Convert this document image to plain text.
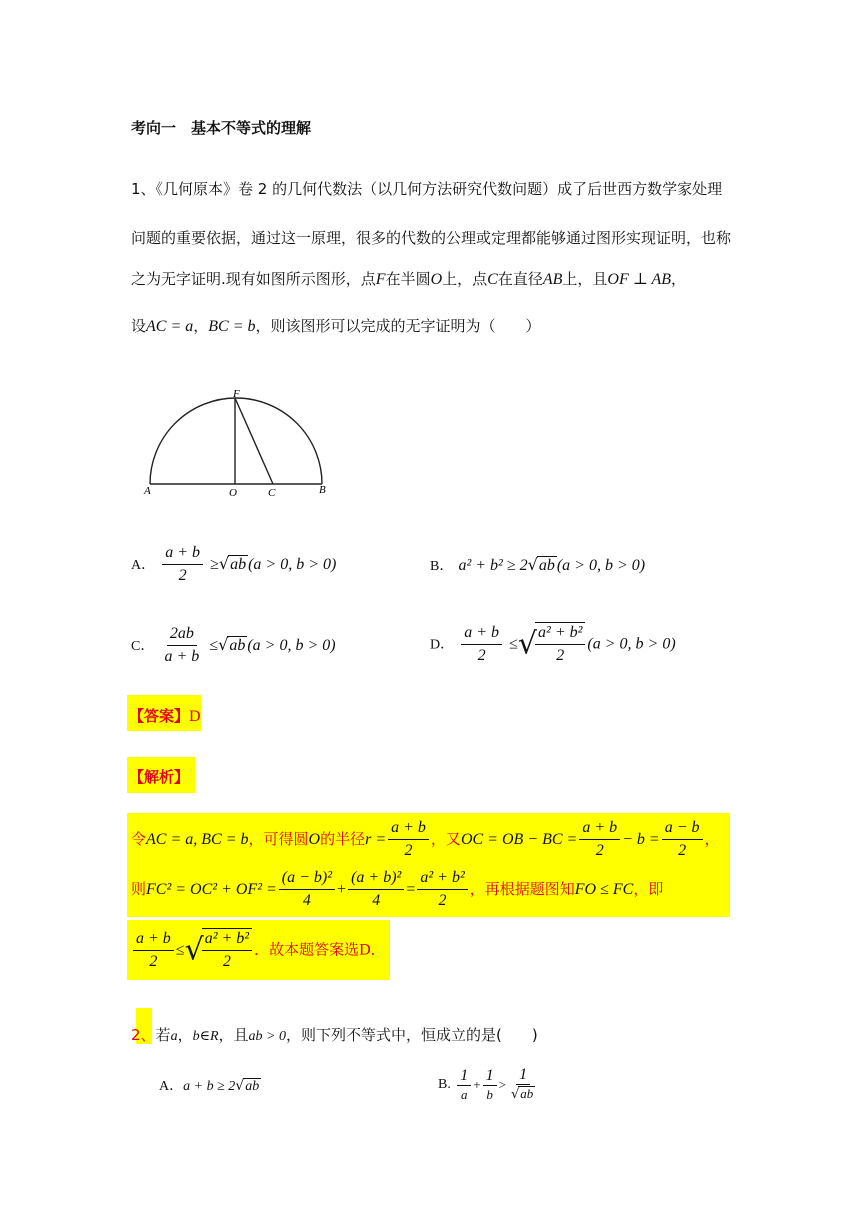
考向一　基本不等式的理解
1、《几何原本》卷 2 的几何代数法（以几何方法研究代数问题）成了后世西方数学家处理
问题的重要依据，通过这一原理，很多的代数的公理或定理都能够通过图形实现证明，也称
之为无字证明.现有如图所示图形，点F在半圆O上，点C在直径AB上，且OF ⊥ AB，
设AC = a，BC = b，则该图形可以完成的无字证明为（　　）
F
A	O	C	B
A． $\frac{a + b}{2} \ge√ab$ (a > 0, b > 0)	B． a² + b² ≥ 2√ab (a > 0, b > 0)
C． $\frac{2ab}{a + b} \le√ab$ (a > 0, b > 0)	D． $\frac{a + b}{2}$ ≤√
$\frac{\text{a² + b²}}{2} (a > 0$, b > 0)
【答案】D
【解析】
令AC = a, BC = b，可得圆O的半径$r = \frac{a + b}{2}$ ，又OC = OB − BC = $\frac{a + b}{2} - b = \frac{a - b}{2}$ ，
则$FC^2 = OC^2 + OF^2 = \frac{\text{(a − b)²}}{4} + \frac{\text{(a + b)²}}{4} = \frac{\text{a² + b²}}{2}$ ，再根据题图知FO ≤ FC，即
$\frac{a + b}{2}$ ≤√
$\frac{\text{a² + b²}}{2}$ ．故本题答案选D．
2、若a，b∈R，且ab > 0，则下列不等式中，恒成立的是(　　)
A．a + b ≥ 2√ab	B. $\frac{1}{a} + \frac{1}{b} > \frac{1}{√ab}$
